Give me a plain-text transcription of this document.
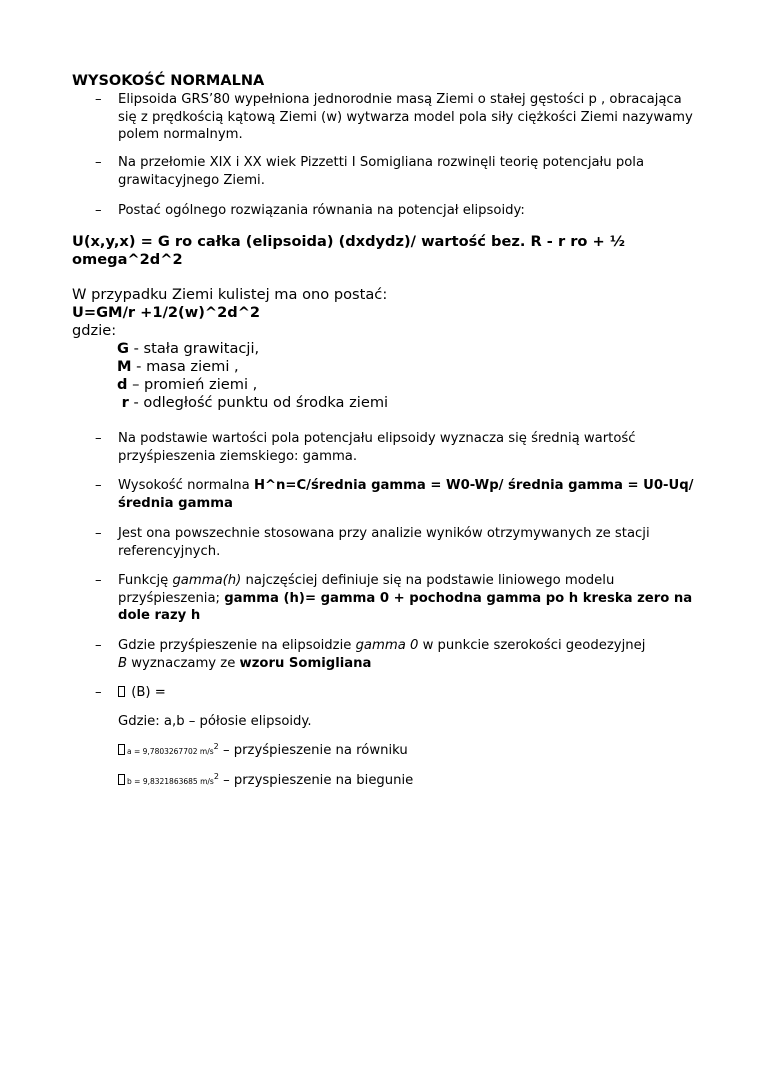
WYSOKOŚĆ NORMALNA
–	Elipsoida GRS’80 wypełniona jednorodnie masą Ziemi o stałej gęstości p , obracająca się z prędkością kątową Ziemi (w) wytwarza model pola siły ciężkości Ziemi nazywamy polem normalnym.
–	Na przełomie XIX i XX wiek Pizzetti I Somigliana rozwinęli teorię potencjału pola grawitacyjnego Ziemi.
–	Postać ogólnego rozwiązania równania na potencjał elipsoidy:
U(x,y,x) = G ro całka (elipsoida) (dxdydz)/ wartość bez. R - r ro + ½ omega^2d^2
W przypadku Ziemi kulistej ma ono postać:
U=GM/r +1/2(w)^2d^2
gdzie:
G - stała grawitacji,
M - masa ziemi ,
d – promień ziemi ,
r - odległość punktu od środka ziemi
–	Na podstawie wartości pola potencjału elipsoidy wyznacza się średnią wartość przyśpieszenia ziemskiego: gamma.
–	Wysokość normalna H^n=C/średnia gamma = W0-Wp/ średnia gamma = U0-Uq/ średnia gamma
–	Jest ona powszechnie stosowana przy analizie wyników otrzymywanych ze stacji referencyjnych.
–	Funkcję gamma(h) najczęściej definiuje się na podstawie liniowego modelu przyśpieszenia; gamma (h)= gamma 0 + pochodna gamma po h kreska zero na dole razy h
–	Gdzie przyśpieszenie na elipsoidzie gamma 0 w punkcie szerokości geodezyjnej
B wyznaczamy ze wzoru Somigliana
–	(B) =
Gdzie: a,b – półosie elipsoidy.
a = 9,7803267702 $m/s^2$ – przyśpieszenie na równiku
b = 9,8321863685 $m/s^2$ – przyspieszenie na biegunie
